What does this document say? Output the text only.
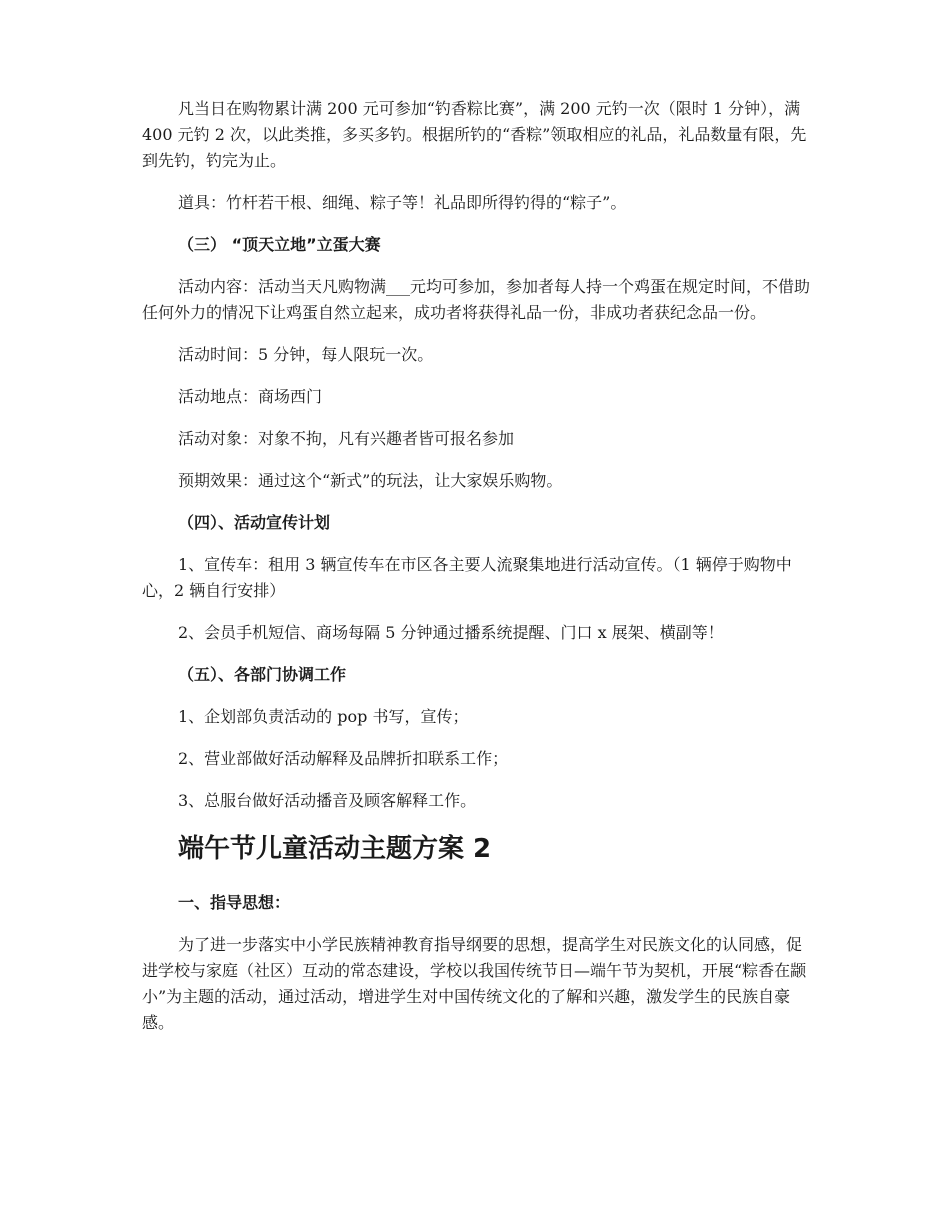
凡当日在购物累计满 200 元可参加“钓香粽比赛”，满 200 元钓一次（限时 1 分钟），满 400 元钓 2 次，以此类推，多买多钓。根据所钓的“香粽”领取相应的礼品，礼品数量有限，先到先钓，钓完为止。

道具：竹杆若干根、细绳、粽子等！礼品即所得钓得的“粽子”。

（三） “顶天立地”立蛋大赛

活动内容：活动当天凡购物满___元均可参加，参加者每人持一个鸡蛋在规定时间，不借助任何外力的情况下让鸡蛋自然立起来，成功者将获得礼品一份，非成功者获纪念品一份。

活动时间：5 分钟，每人限玩一次。

活动地点：商场西门

活动对象：对象不拘，凡有兴趣者皆可报名参加

预期效果：通过这个“新式”的玩法，让大家娱乐购物。

（四）、活动宣传计划

1、宣传车：租用 3 辆宣传车在市区各主要人流聚集地进行活动宣传。（1 辆停于购物中心，2 辆自行安排）

2、会员手机短信、商场每隔 5 分钟通过播系统提醒、门口 x 展架、横副等！

（五）、各部门协调工作

1、企划部负责活动的 pop 书写，宣传；

2、营业部做好活动解释及品牌折扣联系工作；

3、总服台做好活动播音及顾客解释工作。

端午节儿童活动主题方案 2

一、指导思想：

为了进一步落实中小学民族精神教育指导纲要的思想，提高学生对民族文化的认同感，促进学校与家庭（社区）互动的常态建设，学校以我国传统节日—端午节为契机，开展“粽香在颛小”为主题的活动，通过活动，增进学生对中国传统文化的了解和兴趣，激发学生的民族自豪感。
